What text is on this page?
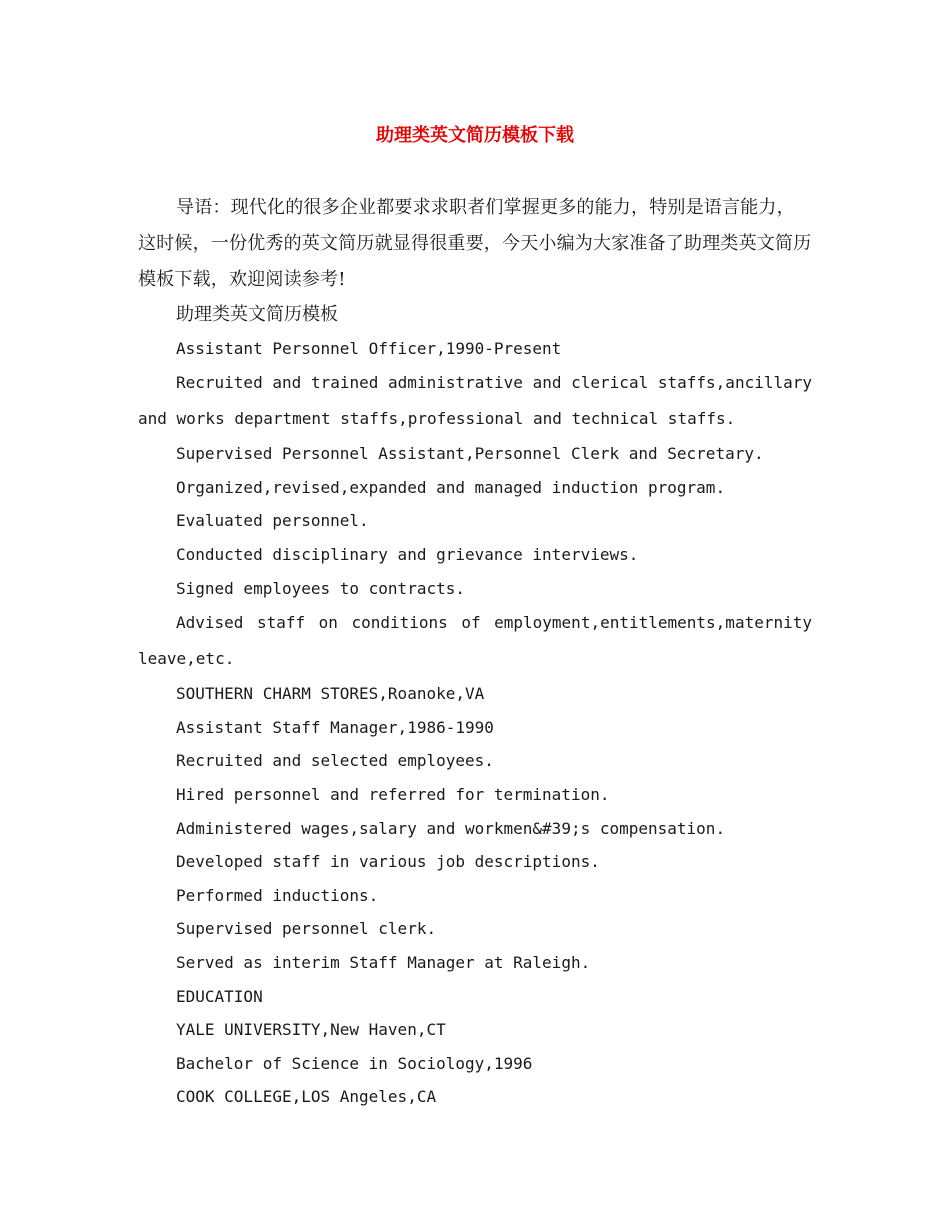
助理类英文简历模板下载

导语：现代化的很多企业都要求求职者们掌握更多的能力，特别是语言能力，这时候，一份优秀的英文简历就显得很重要，今天小编为大家准备了助理类英文简历模板下载，欢迎阅读参考!

助理类英文简历模板

Assistant Personnel Officer,1990-Present

Recruited and trained administrative and clerical staffs,ancillary and works department staffs,professional and technical staffs.

Supervised Personnel Assistant,Personnel Clerk and Secretary.

Organized,revised,expanded and managed induction program.

Evaluated personnel.

Conducted disciplinary and grievance interviews.

Signed employees to contracts.

Advised staff on conditions of employment,entitlements,maternity leave,etc.

SOUTHERN CHARM STORES,Roanoke,VA

Assistant Staff Manager,1986-1990

Recruited and selected employees.

Hired personnel and referred for termination.

Administered wages,salary and workmen&#39;s compensation.

Developed staff in various job descriptions.

Performed inductions.

Supervised personnel clerk.

Served as interim Staff Manager at Raleigh.

EDUCATION

YALE UNIVERSITY,New Haven,CT

Bachelor of Science in Sociology,1996

COOK COLLEGE,LOS Angeles,CA
